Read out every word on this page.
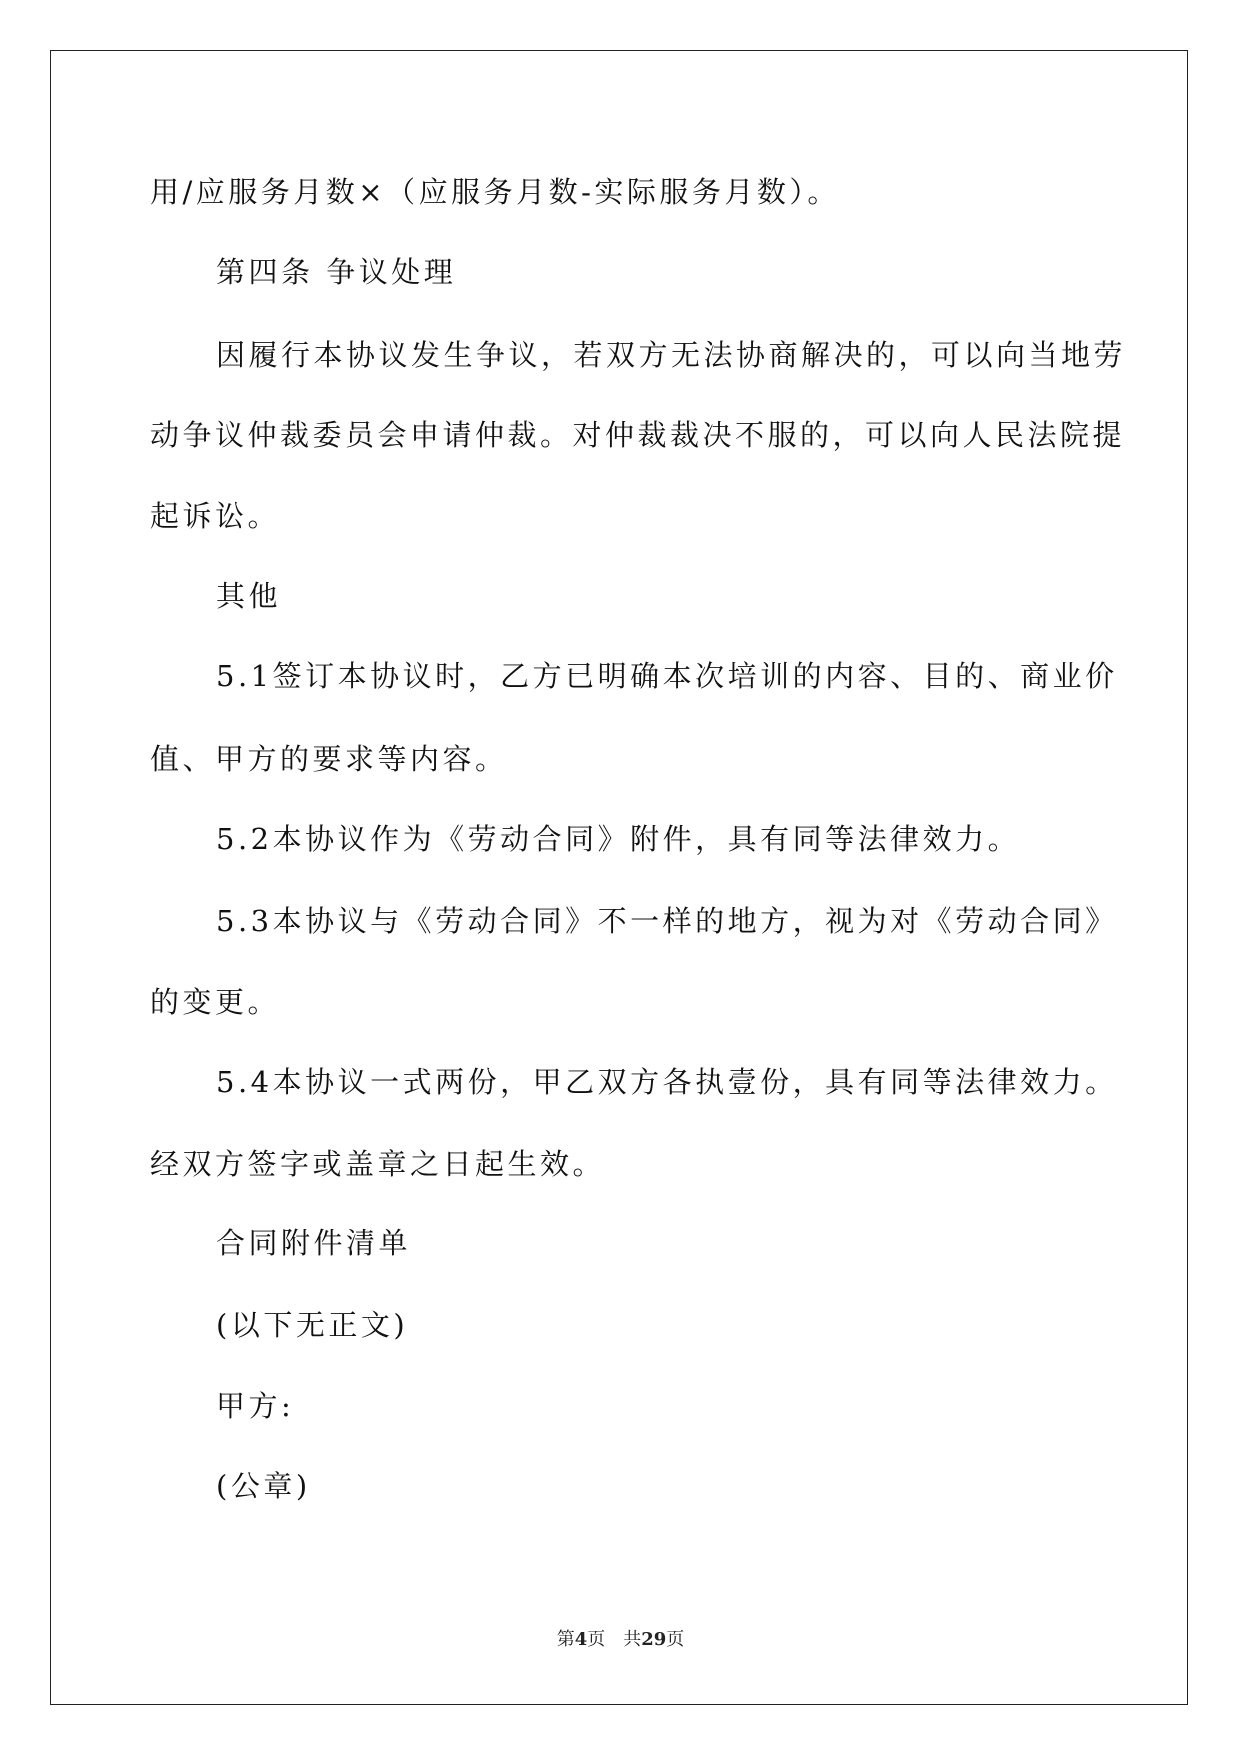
用/应服务月数×（应服务月数-实际服务月数）。
第四条 争议处理
因履行本协议发生争议，若双方无法协商解决的，可以向当地劳
动争议仲裁委员会申请仲裁。对仲裁裁决不服的，可以向人民法院提
起诉讼。
其他
5.1签订本协议时，乙方已明确本次培训的内容、目的、商业价
值、甲方的要求等内容。
5.2本协议作为《劳动合同》附件，具有同等法律效力。
5.3本协议与《劳动合同》不一样的地方，视为对《劳动合同》
的变更。
5.4本协议一式两份，甲乙双方各执壹份，具有同等法律效力。
经双方签字或盖章之日起生效。
合同附件清单
(以下无正文)
甲方:
(公章)
第4页 共29页
